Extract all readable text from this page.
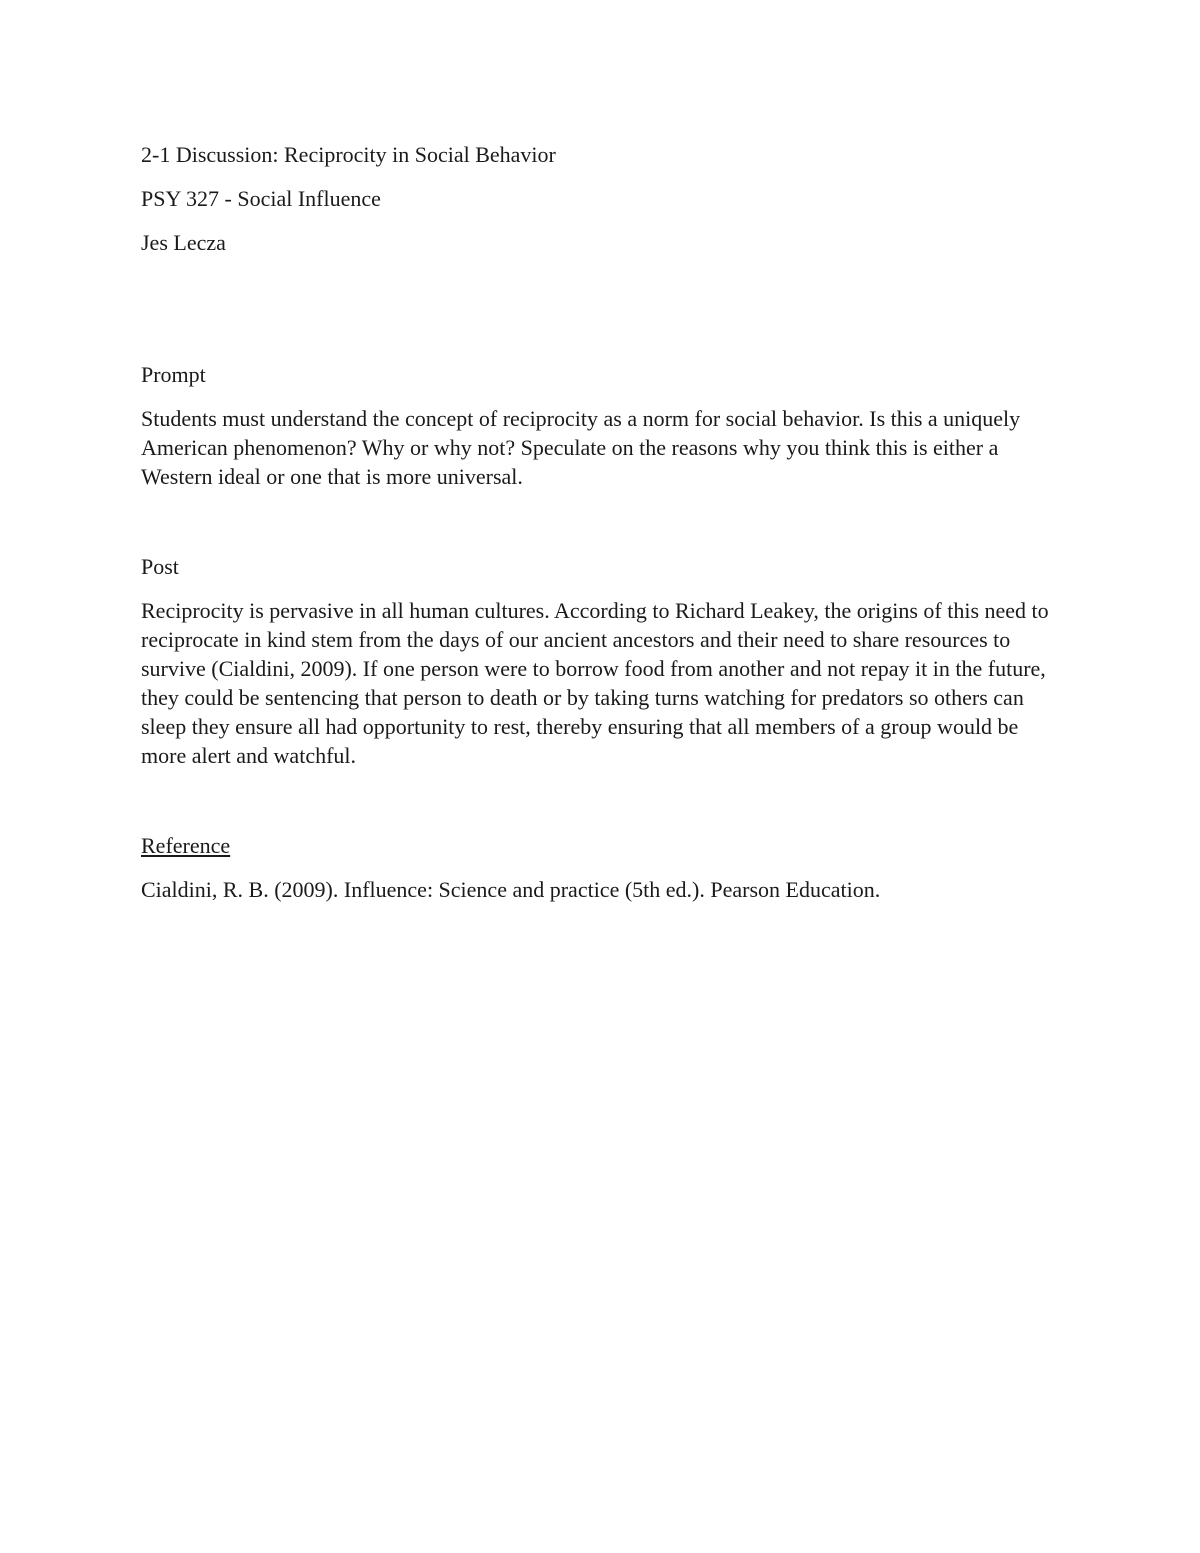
2-1 Discussion: Reciprocity in Social Behavior

PSY 327 - Social Influence

Jes Lecza

Prompt

Students must understand the concept of reciprocity as a norm for social behavior. Is this a uniquely American phenomenon? Why or why not? Speculate on the reasons why you think this is either a Western ideal or one that is more universal.

Post

Reciprocity is pervasive in all human cultures. According to Richard Leakey, the origins of this need to reciprocate in kind stem from the days of our ancient ancestors and their need to share resources to survive (Cialdini, 2009). If one person were to borrow food from another and not repay it in the future, they could be sentencing that person to death or by taking turns watching for predators so others can sleep they ensure all had opportunity to rest, thereby ensuring that all members of a group would be more alert and watchful.

Reference

Cialdini, R. B. (2009). Influence: Science and practice (5th ed.). Pearson Education.
